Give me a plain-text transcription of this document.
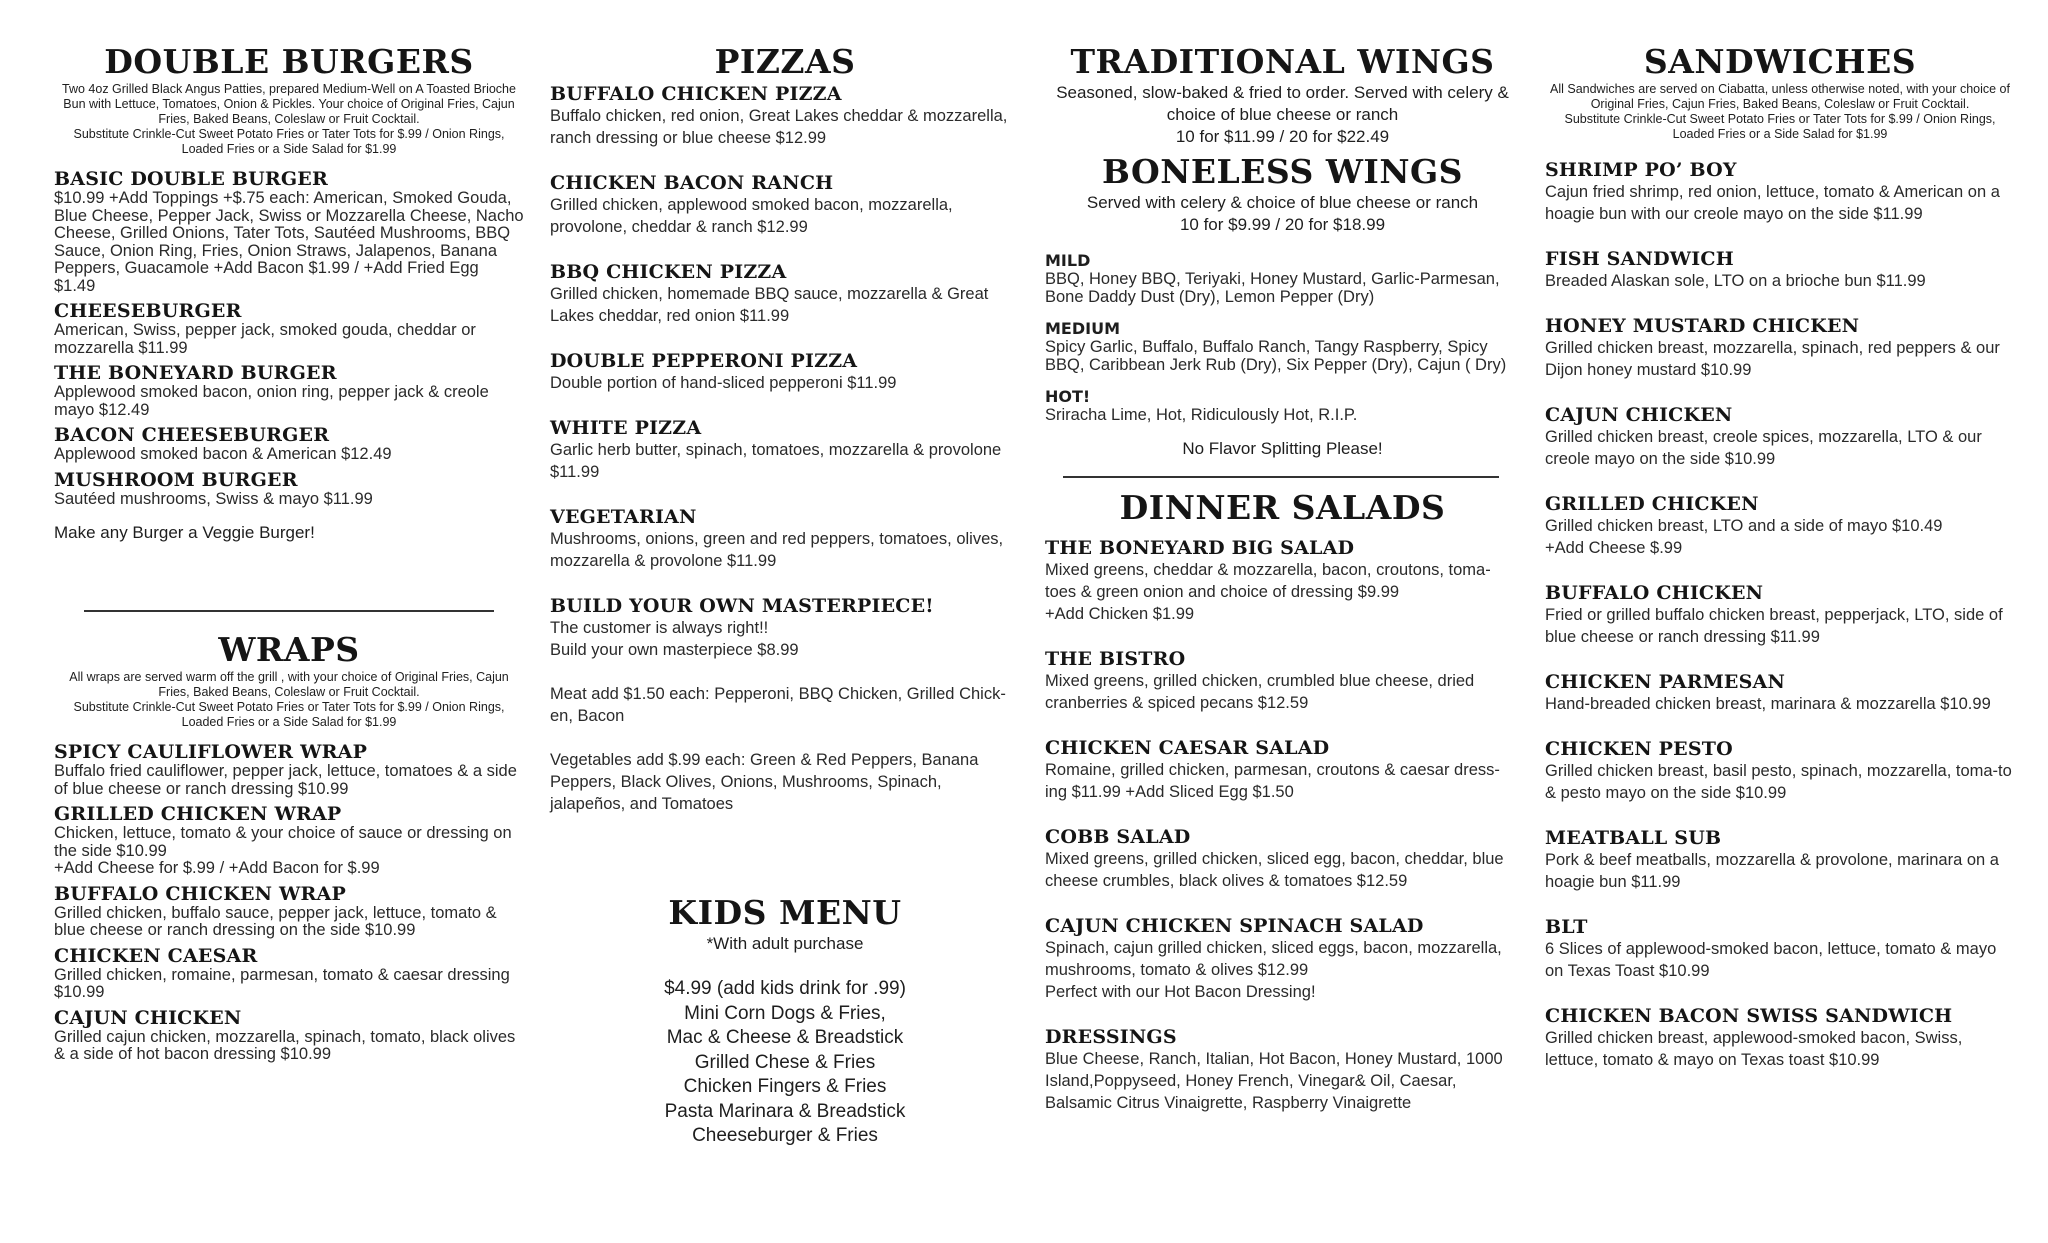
DOUBLE BURGERS

Two 4oz Grilled Black Angus Patties, prepared Medium-Well on A Toasted Brioche Bun with Lettuce, Tomatoes, Onion & Pickles. Your choice of Original Fries, Cajun Fries, Baked Beans, Coleslaw or Fruit Cocktail.

Substitute Crinkle-Cut Sweet Potato Fries or Tater Tots for $.99 / Onion Rings, Loaded Fries or a Side Salad for $1.99

BASIC DOUBLE BURGER
$10.99 +Add Toppings +$.75 each: American, Smoked Gouda, Blue Cheese, Pepper Jack, Swiss or Mozzarella Cheese, Nacho Cheese, Grilled Onions, Tater Tots, Sautéed Mushrooms, BBQ Sauce, Onion Ring, Fries, Onion Straws, Jalapenos, Banana Peppers, Guacamole +Add Bacon $1.99 / +Add Fried Egg $1.49
CHEESEBURGER
American, Swiss, pepper jack, smoked gouda, cheddar or mozzarella $11.99
THE BONEYARD BURGER
Applewood smoked bacon, onion ring, pepper jack & creole mayo $12.49
BACON CHEESEBURGER
Applewood smoked bacon & American $12.49
MUSHROOM BURGER
Sautéed mushrooms, Swiss & mayo $11.99
Make any Burger a Veggie Burger!
WRAPS

All wraps are served warm off the grill , with your choice of Original Fries, Cajun Fries, Baked Beans, Coleslaw or Fruit Cocktail.

Substitute Crinkle-Cut Sweet Potato Fries or Tater Tots for $.99 / Onion Rings, Loaded Fries or a Side Salad for $1.99

SPICY CAULIFLOWER WRAP
Buffalo fried cauliflower, pepper jack, lettuce, tomatoes & a side of blue cheese or ranch dressing $10.99
GRILLED CHICKEN WRAP
Chicken, lettuce, tomato & your choice of sauce or dressing on the side $10.99
+Add Cheese for $.99 / +Add Bacon for $.99
BUFFALO CHICKEN WRAP
Grilled chicken, buffalo sauce, pepper jack, lettuce, tomato & blue cheese or ranch dressing on the side $10.99
CHICKEN CAESAR
Grilled chicken, romaine, parmesan, tomato & caesar dressing $10.99
CAJUN CHICKEN
Grilled cajun chicken, mozzarella, spinach, tomato, black olives & a side of hot bacon dressing $10.99
PIZZAS
BUFFALO CHICKEN PIZZA
Buffalo chicken, red onion, Great Lakes cheddar & mozzarella, ranch dressing or blue cheese $12.99
CHICKEN BACON RANCH
Grilled chicken, applewood smoked bacon, mozzarella, provolone, cheddar & ranch $12.99
BBQ CHICKEN PIZZA
Grilled chicken, homemade BBQ sauce, mozzarella & Great Lakes cheddar, red onion $11.99
DOUBLE PEPPERONI PIZZA
Double portion of hand-sliced pepperoni $11.99
WHITE PIZZA
Garlic herb butter, spinach, tomatoes, mozzarella & provolone $11.99
VEGETARIAN
Mushrooms, onions, green and red peppers, tomatoes, olives, mozzarella & provolone $11.99
BUILD YOUR OWN MASTERPIECE!
The customer is always right!!
Build your own masterpiece $8.99
Meat add $1.50 each: Pepperoni, BBQ Chicken, Grilled Chick-en, Bacon
Vegetables add $.99 each: Green & Red Peppers, Banana Peppers, Black Olives, Onions, Mushrooms, Spinach, jalapeños, and Tomatoes
KIDS MENU
*With adult purchase
$4.99 (add kids drink for .99)
Mini Corn Dogs & Fries,
Mac & Cheese & Breadstick
Grilled Chese & Fries
Chicken Fingers & Fries
Pasta Marinara & Breadstick
Cheeseburger & Fries
TRADITIONAL WINGS
Seasoned, slow-baked & fried to order. Served with celery & choice of blue cheese or ranch
10 for $11.99 / 20 for $22.49
BONELESS WINGS
Served with celery & choice of blue cheese or ranch
10 for $9.99 / 20 for $18.99
MILD
BBQ, Honey BBQ, Teriyaki, Honey Mustard, Garlic-Parmesan, Bone Daddy Dust (Dry), Lemon Pepper (Dry)
MEDIUM
Spicy Garlic, Buffalo, Buffalo Ranch, Tangy Raspberry, Spicy BBQ, Caribbean Jerk Rub (Dry), Six Pepper (Dry), Cajun ( Dry)
HOT!
Sriracha Lime, Hot, Ridiculously Hot, R.I.P.
No Flavor Splitting Please!
DINNER SALADS
THE BONEYARD BIG SALAD
Mixed greens, cheddar & mozzarella, bacon, croutons, toma-toes & green onion and choice of dressing $9.99
+Add Chicken $1.99
THE BISTRO
Mixed greens, grilled chicken, crumbled blue cheese, dried cranberries & spiced pecans $12.59
CHICKEN CAESAR SALAD
Romaine, grilled chicken, parmesan, croutons & caesar dress-ing $11.99 +Add Sliced Egg $1.50
COBB SALAD
Mixed greens, grilled chicken, sliced egg, bacon, cheddar, blue cheese crumbles, black olives & tomatoes $12.59
CAJUN CHICKEN SPINACH SALAD
Spinach, cajun grilled chicken, sliced eggs, bacon, mozzarella, mushrooms, tomato & olives $12.99
Perfect with our Hot Bacon Dressing!
DRESSINGS
Blue Cheese, Ranch, Italian, Hot Bacon, Honey Mustard, 1000 Island,Poppyseed, Honey French, Vinegar& Oil, Caesar, Balsamic Citrus Vinaigrette, Raspberry Vinaigrette
SANDWICHES

All Sandwiches are served on Ciabatta, unless otherwise noted, with your choice of Original Fries, Cajun Fries, Baked Beans, Coleslaw or Fruit Cocktail.

Substitute Crinkle-Cut Sweet Potato Fries or Tater Tots for $.99 / Onion Rings, Loaded Fries or a Side Salad for $1.99

SHRIMP PO’ BOY
Cajun fried shrimp, red onion, lettuce, tomato & American on a hoagie bun with our creole mayo on the side $11.99
FISH SANDWICH
Breaded Alaskan sole, LTO on a brioche bun $11.99
HONEY MUSTARD CHICKEN
Grilled chicken breast, mozzarella, spinach, red peppers & our Dijon honey mustard $10.99
CAJUN CHICKEN
Grilled chicken breast, creole spices, mozzarella, LTO & our creole mayo on the side $10.99
GRILLED CHICKEN
Grilled chicken breast, LTO and a side of mayo $10.49
+Add Cheese $.99
BUFFALO CHICKEN
Fried or grilled buffalo chicken breast, pepperjack, LTO, side of blue cheese or ranch dressing $11.99
CHICKEN PARMESAN
Hand-breaded chicken breast, marinara & mozzarella $10.99
CHICKEN PESTO
Grilled chicken breast, basil pesto, spinach, mozzarella, toma-to & pesto mayo on the side $10.99
MEATBALL SUB
Pork & beef meatballs, mozzarella & provolone, marinara on a hoagie bun $11.99
BLT
6 Slices of applewood-smoked bacon, lettuce, tomato & mayo on Texas Toast $10.99
CHICKEN BACON SWISS SANDWICH
Grilled chicken breast, applewood-smoked bacon, Swiss, lettuce, tomato & mayo on Texas toast $10.99
